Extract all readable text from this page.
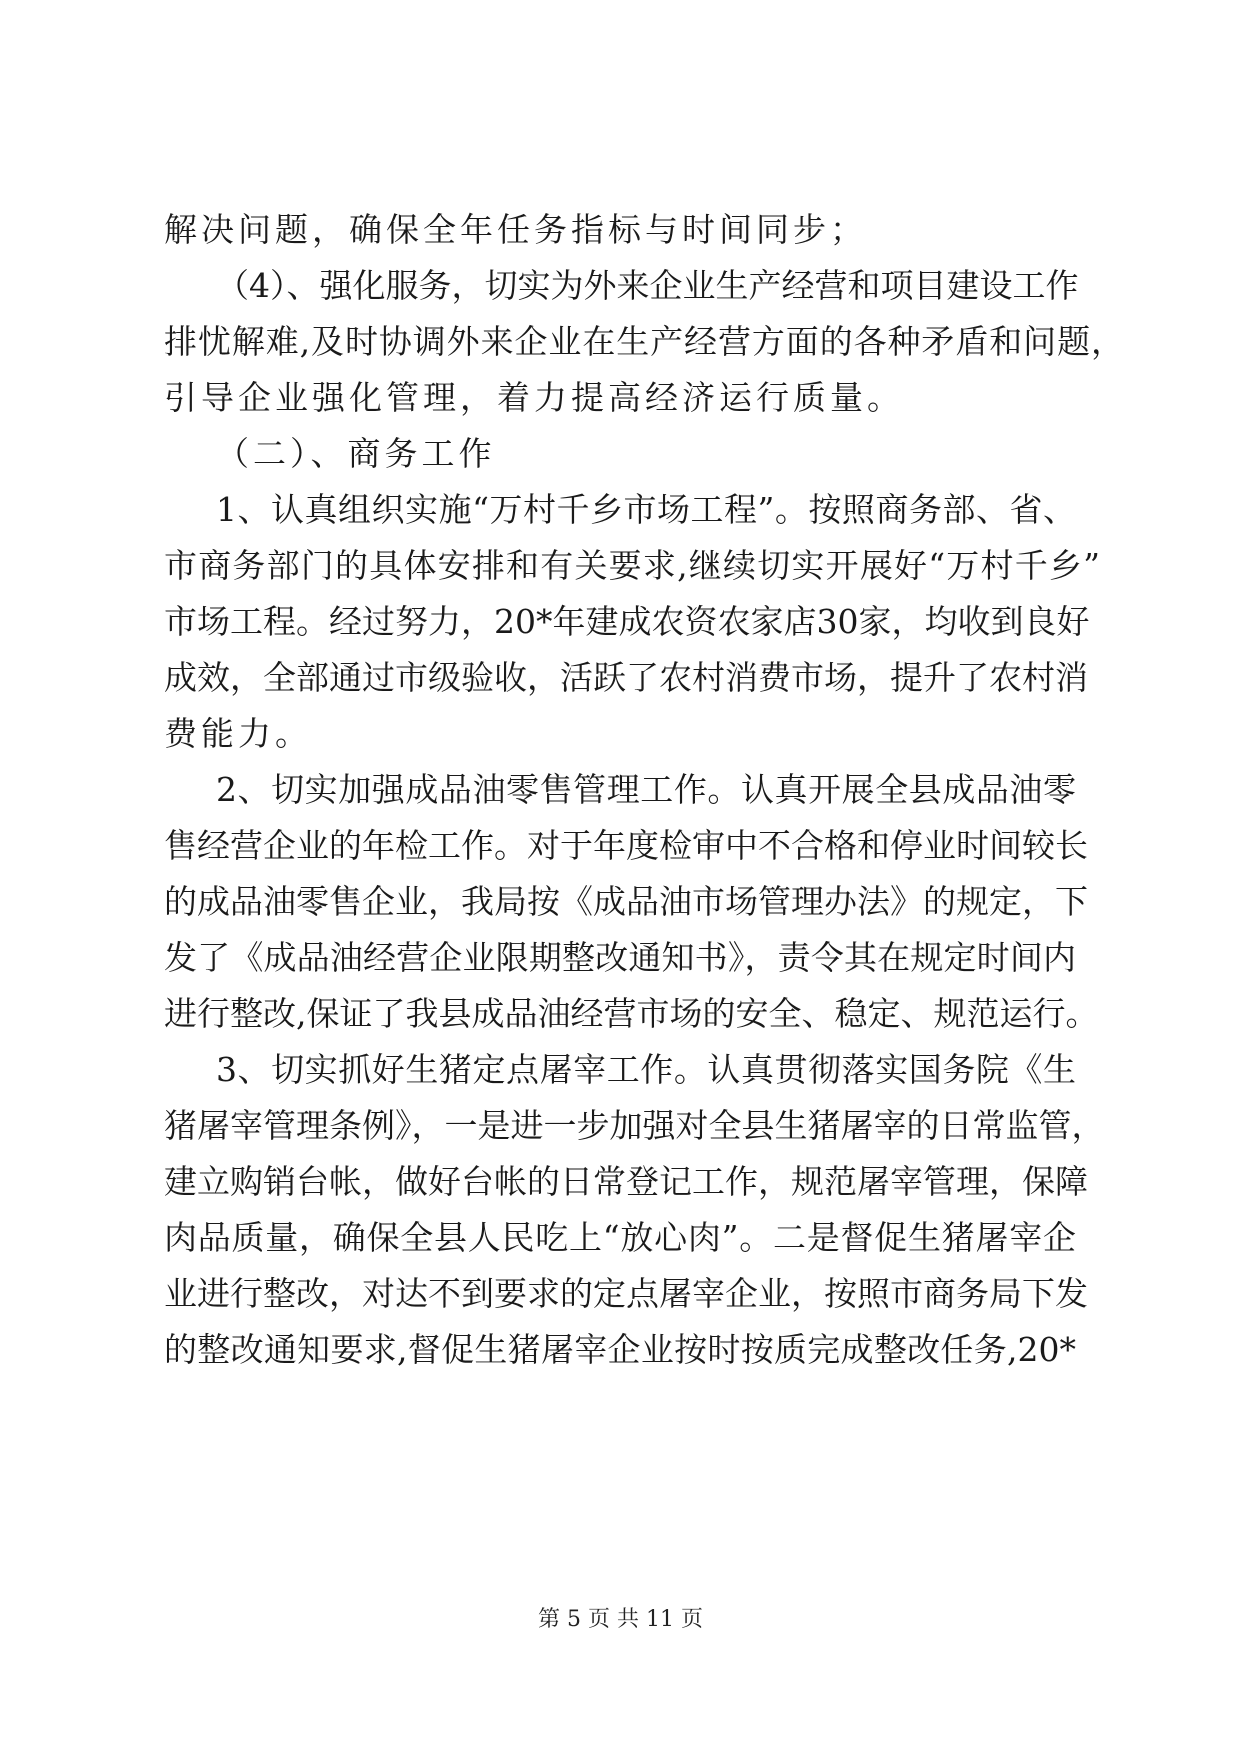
解决问题，确保全年任务指标与时间同步；
（4）、强化服务，切实为外来企业生产经营和项目建设工作
排忧解难,及时协调外来企业在生产经营方面的各种矛盾和问题，
引导企业强化管理，着力提高经济运行质量。
（二）、商务工作
1、认真组织实施“万村千乡市场工程”。按照商务部、省、
市商务部门的具体安排和有关要求,继续切实开展好“万村千乡”
市场工程。经过努力，20*年建成农资农家店30家，均收到良好
成效，全部通过市级验收，活跃了农村消费市场，提升了农村消
费能力。
2、切实加强成品油零售管理工作。认真开展全县成品油零
售经营企业的年检工作。对于年度检审中不合格和停业时间较长
的成品油零售企业，我局按《成品油市场管理办法》的规定，下
发了《成品油经营企业限期整改通知书》，责令其在规定时间内
进行整改,保证了我县成品油经营市场的安全、稳定、规范运行。
3、切实抓好生猪定点屠宰工作。认真贯彻落实国务院《生
猪屠宰管理条例》，一是进一步加强对全县生猪屠宰的日常监管，
建立购销台帐，做好台帐的日常登记工作，规范屠宰管理，保障
肉品质量，确保全县人民吃上“放心肉”。二是督促生猪屠宰企
业进行整改，对达不到要求的定点屠宰企业，按照市商务局下发
的整改通知要求,督促生猪屠宰企业按时按质完成整改任务,20*
第 5 页 共 11 页
